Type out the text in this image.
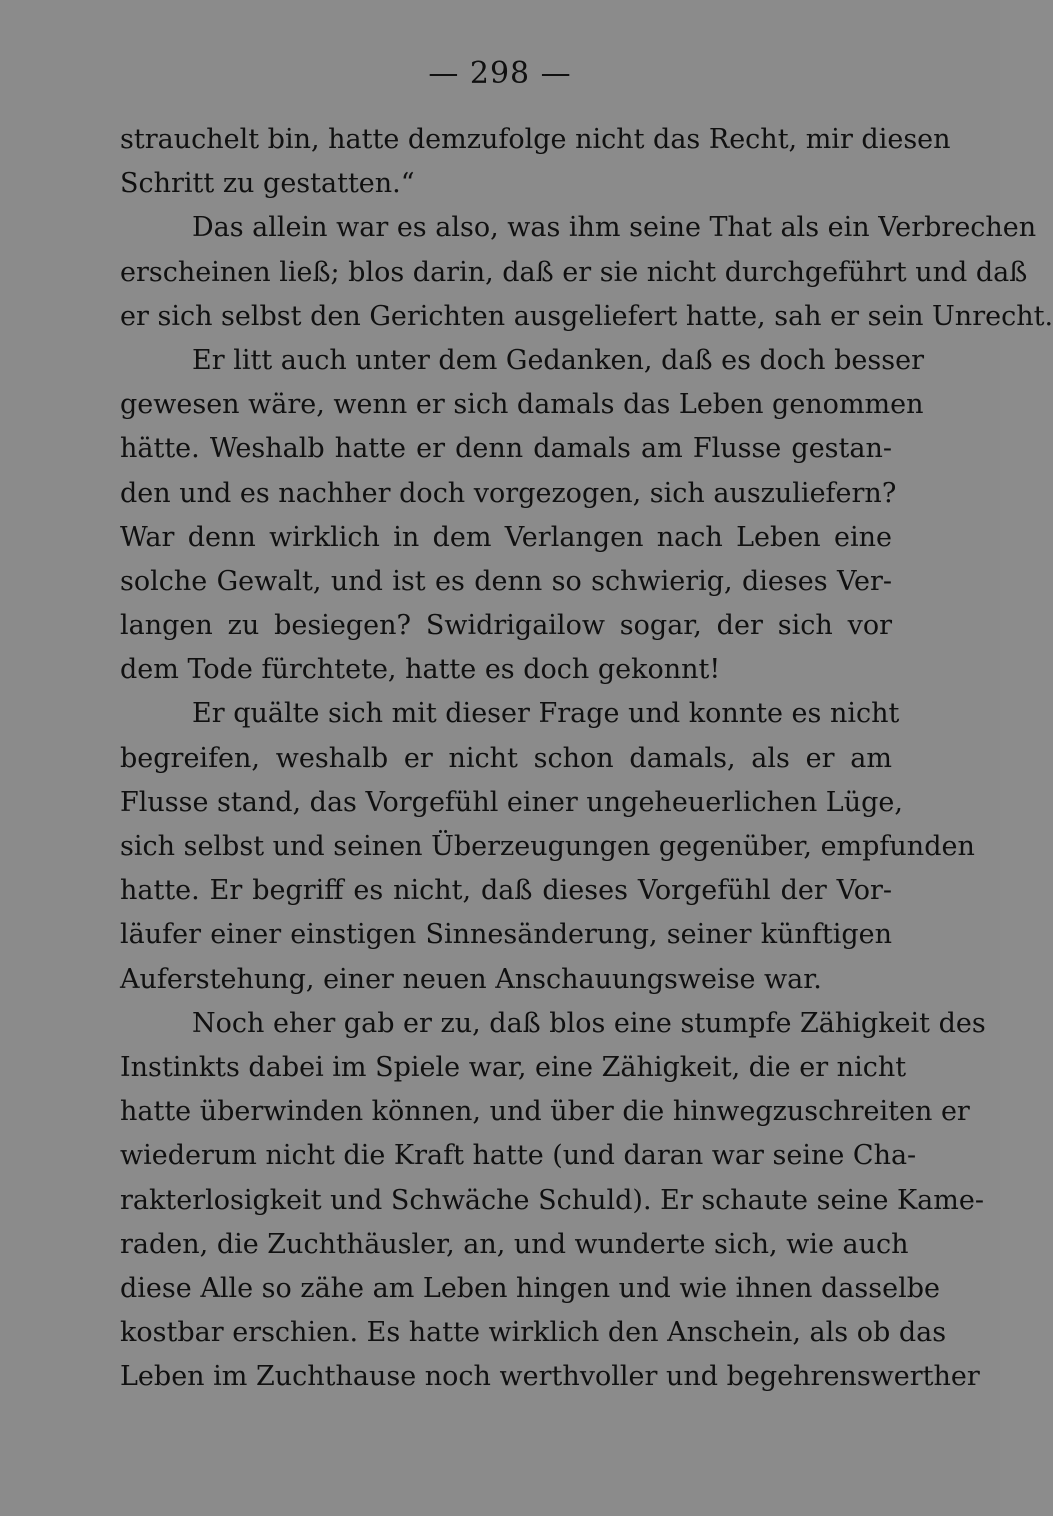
— 298 —
strauchelt bin, hatte demzufolge nicht das Recht, mir diesen
Schritt zu gestatten.“
Das allein war es also, was ihm seine That als ein Verbrechen
erscheinen ließ; blos darin, daß er sie nicht durchgeführt und daß
er sich selbst den Gerichten ausgeliefert hatte, sah er sein Unrecht.
Er litt auch unter dem Gedanken, daß es doch besser
gewesen wäre, wenn er sich damals das Leben genommen
hätte. Weshalb hatte er denn damals am Flusse gestan-
den und es nachher doch vorgezogen, sich auszuliefern?
War denn wirklich in dem Verlangen nach Leben eine
solche Gewalt, und ist es denn so schwierig, dieses Ver-
langen zu besiegen? Swidrigailow sogar, der sich vor
dem Tode fürchtete, hatte es doch gekonnt!
Er quälte sich mit dieser Frage und konnte es nicht
begreifen, weshalb er nicht schon damals, als er am
Flusse stand, das Vorgefühl einer ungeheuerlichen Lüge,
sich selbst und seinen Überzeugungen gegenüber, empfunden
hatte. Er begriff es nicht, daß dieses Vorgefühl der Vor-
läufer einer einstigen Sinnesänderung, seiner künftigen
Auferstehung, einer neuen Anschauungsweise war.
Noch eher gab er zu, daß blos eine stumpfe Zähigkeit des
Instinkts dabei im Spiele war, eine Zähigkeit, die er nicht
hatte überwinden können, und über die hinwegzuschreiten er
wiederum nicht die Kraft hatte (und daran war seine Cha-
rakterlosigkeit und Schwäche Schuld). Er schaute seine Kame-
raden, die Zuchthäusler, an, und wunderte sich, wie auch
diese Alle so zähe am Leben hingen und wie ihnen dasselbe
kostbar erschien. Es hatte wirklich den Anschein, als ob das
Leben im Zuchthause noch werthvoller und begehrenswerther
